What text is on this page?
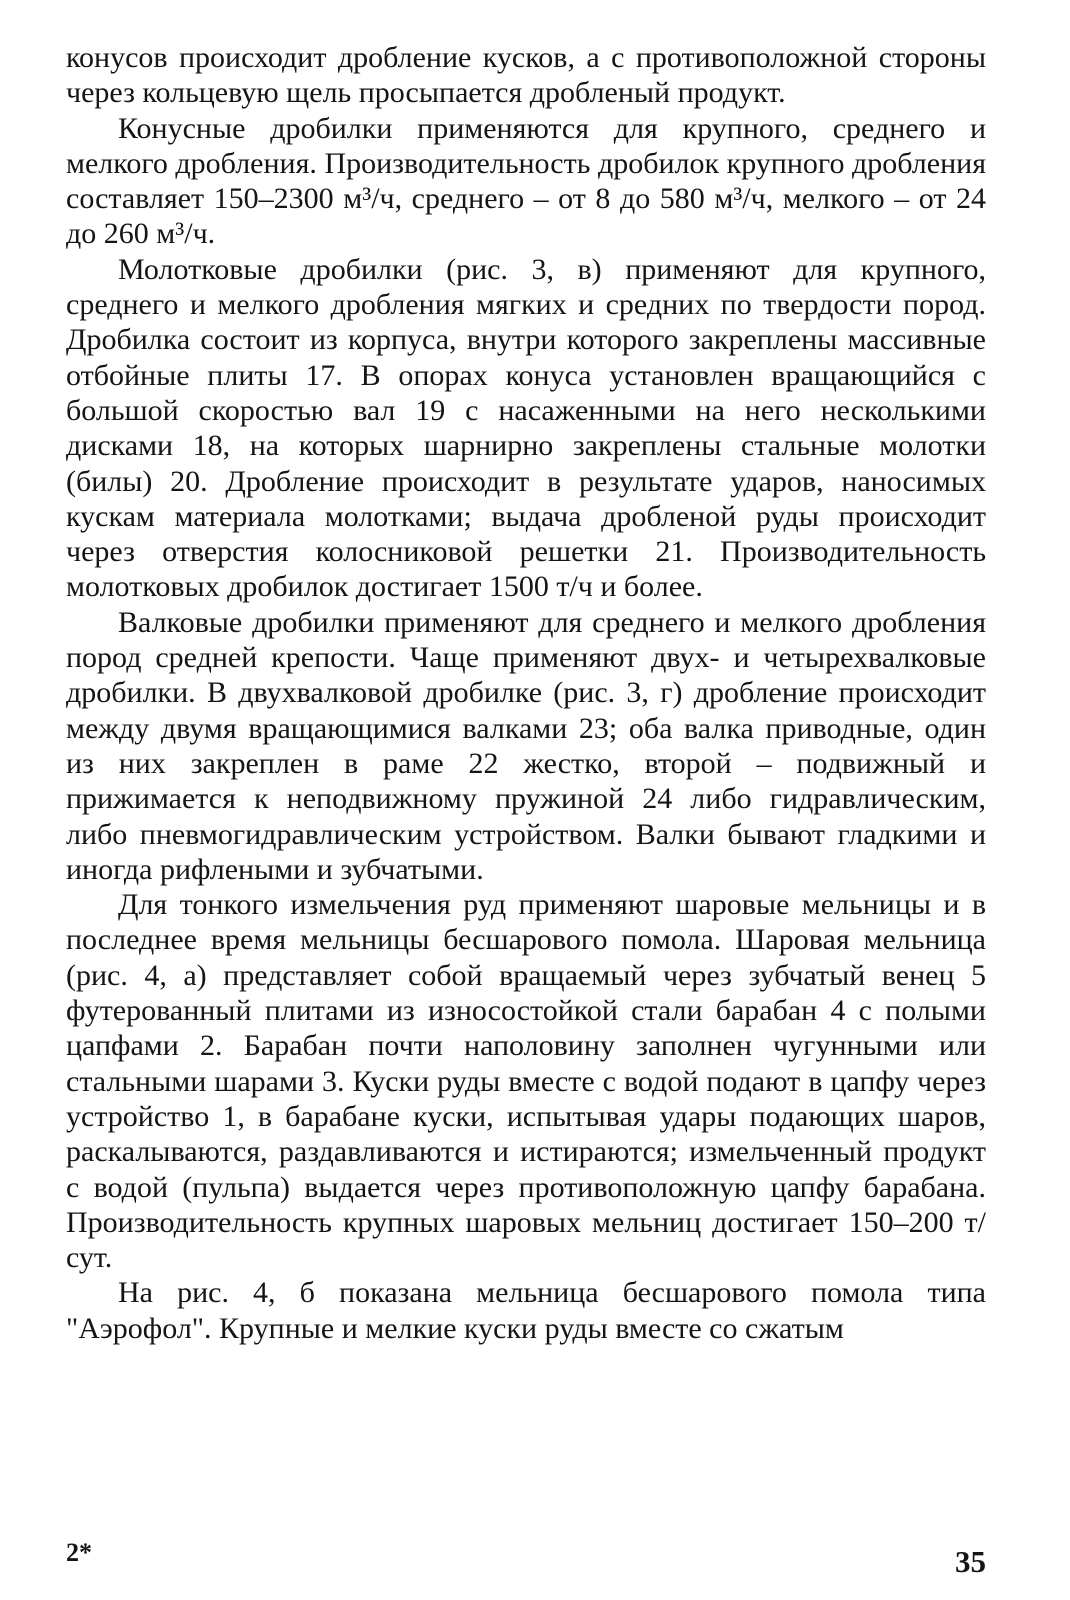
конусов происходит дробление кусков, а с противоположной стороны через кольцевую щель просыпается дробленый продукт.

Конусные дробилки применяются для крупного, среднего и мелкого дробления. Производительность дробилок крупного дробления составляет 150–2300 м³/ч, среднего – от 8 до 580 м³/ч, мелкого – от 24 до 260 м³/ч.

Молотковые дробилки (рис. 3, в) применяют для крупного, среднего и мелкого дробления мягких и средних по твердости пород. Дробилка состоит из корпуса, внутри которого закреплены массивные отбойные плиты 17. В опорах конуса установлен вращающийся с большой скоростью вал 19 с насаженными на него несколькими дисками 18, на которых шарнирно закреплены стальные молотки (билы) 20. Дробление происходит в результате ударов, наносимых кускам материала молотками; выдача дробленой руды происходит через отверстия колосниковой решетки 21. Производительность молотковых дробилок достигает 1500 т/ч и более.

Валковые дробилки применяют для среднего и мелкого дробления пород средней крепости. Чаще применяют двух- и четырехвалковые дробилки. В двухвалковой дробилке (рис. 3, г) дробление происходит между двумя вращающимися валками 23; оба валка приводные, один из них закреплен в раме 22 жестко, второй – подвижный и прижимается к неподвижному пружиной 24 либо гидравлическим, либо пневмогидравлическим устройством. Валки бывают гладкими и иногда рифлеными и зубчатыми.

Для тонкого измельчения руд применяют шаровые мельницы и в последнее время мельницы бесшарового помола. Шаровая мельница (рис. 4, а) представляет собой вращаемый через зубчатый венец 5 футерованный плитами из износостойкой стали барабан 4 с полыми цапфами 2. Барабан почти наполовину заполнен чугунными или стальными шарами 3. Куски руды вместе с водой подают в цапфу через устройство 1, в барабане куски, испытывая удары подающих шаров, раскалываются, раздавливаются и истираются; измельченный продукт с водой (пульпа) выдается через противоположную цапфу барабана. Производительность крупных шаровых мельниц достигает 150–200 т/сут.

На рис. 4, б показана мельница бесшарового помола типа "Аэрофол". Крупные и мелкие куски руды вместе со сжатым

2*	35
